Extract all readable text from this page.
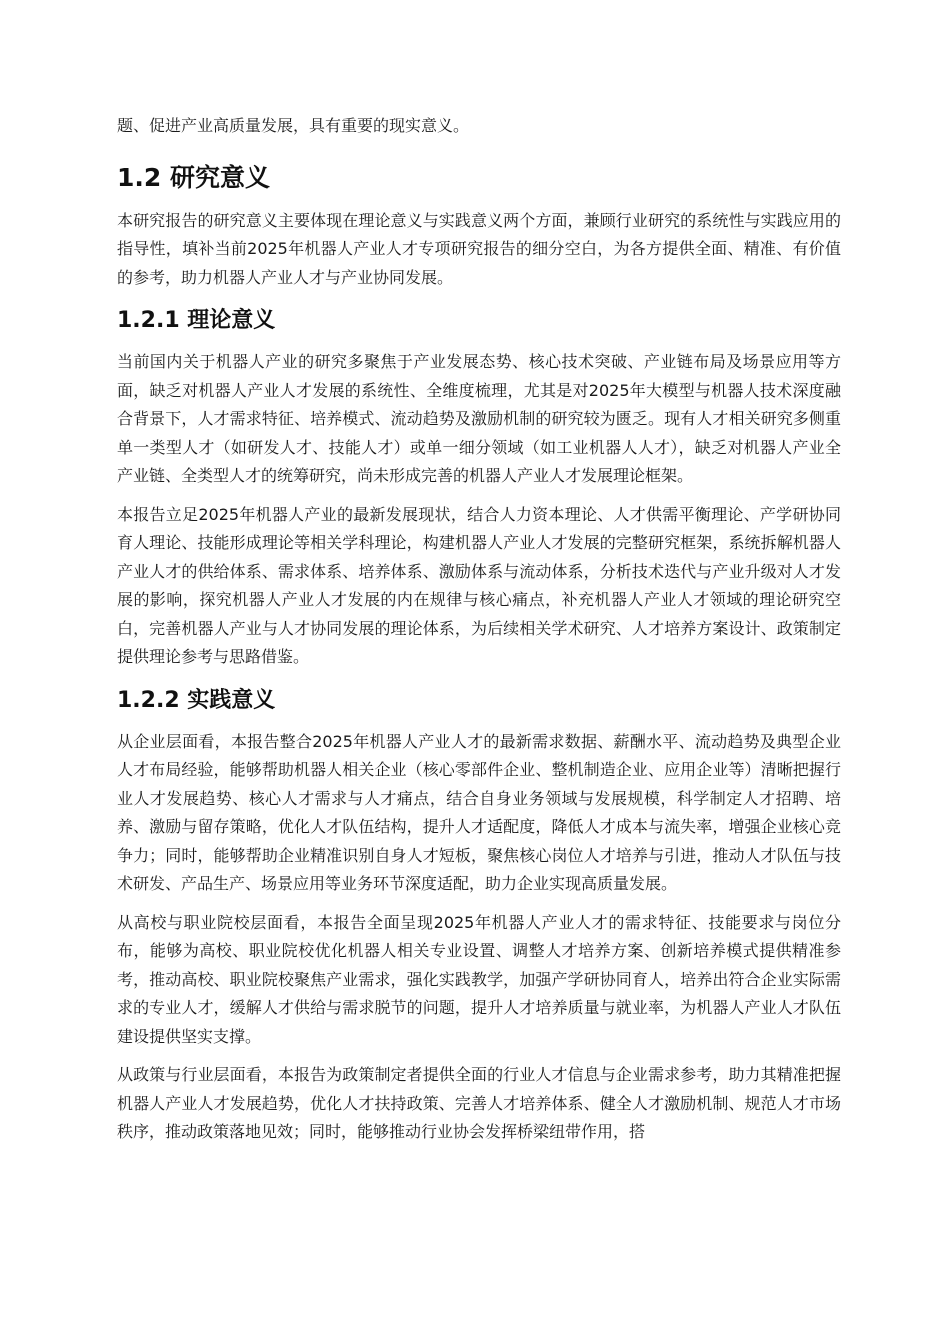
题、促进产业高质量发展，具有重要的现实意义。

1.2 研究意义

本研究报告的研究意义主要体现在理论意义与实践意义两个方面，兼顾行业研究的系统性与实践应用的指导性，填补当前2025年机器人产业人才专项研究报告的细分空白，为各方提供全面、精准、有价值的参考，助力机器人产业人才与产业协同发展。

1.2.1 理论意义

当前国内关于机器人产业的研究多聚焦于产业发展态势、核心技术突破、产业链布局及场景应用等方面，缺乏对机器人产业人才发展的系统性、全维度梳理，尤其是对2025年大模型与机器人技术深度融合背景下，人才需求特征、培养模式、流动趋势及激励机制的研究较为匮乏。现有人才相关研究多侧重单一类型人才（如研发人才、技能人才）或单一细分领域（如工业机器人人才），缺乏对机器人产业全产业链、全类型人才的统筹研究，尚未形成完善的机器人产业人才发展理论框架。

本报告立足2025年机器人产业的最新发展现状，结合人力资本理论、人才供需平衡理论、产学研协同育人理论、技能形成理论等相关学科理论，构建机器人产业人才发展的完整研究框架，系统拆解机器人产业人才的供给体系、需求体系、培养体系、激励体系与流动体系，分析技术迭代与产业升级对人才发展的影响，探究机器人产业人才发展的内在规律与核心痛点，补充机器人产业人才领域的理论研究空白，完善机器人产业与人才协同发展的理论体系，为后续相关学术研究、人才培养方案设计、政策制定提供理论参考与思路借鉴。

1.2.2 实践意义

从企业层面看，本报告整合2025年机器人产业人才的最新需求数据、薪酬水平、流动趋势及典型企业人才布局经验，能够帮助机器人相关企业（核心零部件企业、整机制造企业、应用企业等）清晰把握行业人才发展趋势、核心人才需求与人才痛点，结合自身业务领域与发展规模，科学制定人才招聘、培养、激励与留存策略，优化人才队伍结构，提升人才适配度，降低人才成本与流失率，增强企业核心竞争力；同时，能够帮助企业精准识别自身人才短板，聚焦核心岗位人才培养与引进，推动人才队伍与技术研发、产品生产、场景应用等业务环节深度适配，助力企业实现高质量发展。

从高校与职业院校层面看，本报告全面呈现2025年机器人产业人才的需求特征、技能要求与岗位分布，能够为高校、职业院校优化机器人相关专业设置、调整人才培养方案、创新培养模式提供精准参考，推动高校、职业院校聚焦产业需求，强化实践教学，加强产学研协同育人，培养出符合企业实际需求的专业人才，缓解人才供给与需求脱节的问题，提升人才培养质量与就业率，为机器人产业人才队伍建设提供坚实支撑。

从政策与行业层面看，本报告为政策制定者提供全面的行业人才信息与企业需求参考，助力其精准把握机器人产业人才发展趋势，优化人才扶持政策、完善人才培养体系、健全人才激励机制、规范人才市场秩序，推动政策落地见效；同时，能够推动行业协会发挥桥梁纽带作用，搭
